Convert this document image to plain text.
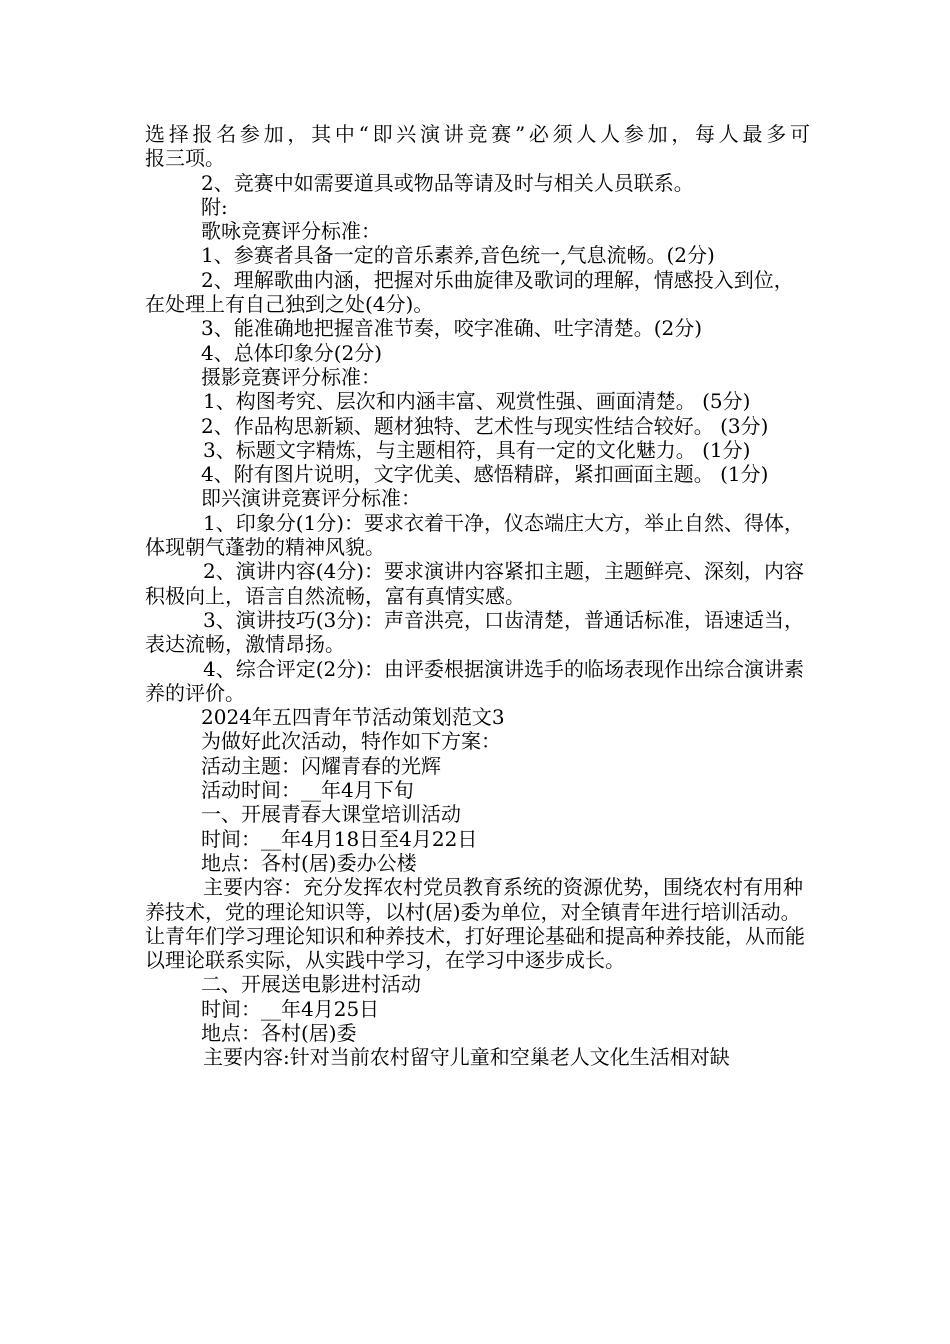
选择报名参加，其中“即兴演讲竞赛”必须人人参加，每人最多可

报三项。

2、竞赛中如需要道具或物品等请及时与相关人员联系。

附:

歌咏竞赛评分标准：

1、参赛者具备一定的音乐素养,音色统一,气息流畅。(2分)

2、理解歌曲内涵，把握对乐曲旋律及歌词的理解，情感投入到位，在处理上有自己独到之处(4分)。

3、能准确地把握音准节奏，咬字准确、吐字清楚。(2分)

4、总体印象分(2分)

摄影竞赛评分标准：

1、构图考究、层次和内涵丰富、观赏性强、画面清楚。 (5分)

2、作品构思新颖、题材独特、艺术性与现实性结合较好。 (3分)

3、标题文字精炼，与主题相符，具有一定的文化魅力。 (1分)

4、附有图片说明，文字优美、感悟精辟，紧扣画面主题。 (1分)

即兴演讲竞赛评分标准：

1、印象分(1分)：要求衣着干净，仪态端庄大方，举止自然、得体，体现朝气蓬勃的精神风貌。

2、演讲内容(4分)：要求演讲内容紧扣主题，主题鲜亮、深刻，内容积极向上，语言自然流畅，富有真情实感。

3、演讲技巧(3分)：声音洪亮，口齿清楚，普通话标准，语速适当，表达流畅，激情昂扬。

4、综合评定(2分)：由评委根据演讲选手的临场表现作出综合演讲素养的评价。

2024年五四青年节活动策划范文3

为做好此次活动，特作如下方案：

活动主题：闪耀青春的光辉

活动时间：__年4月下旬

一、开展青春大课堂培训活动

时间：__年4月18日至4月22日

地点：各村(居)委办公楼

主要内容：充分发挥农村党员教育系统的资源优势，围绕农村有用种养技术，党的理论知识等，以村(居)委为单位，对全镇青年进行培训活动。让青年们学习理论知识和种养技术，打好理论基础和提高种养技能，从而能以理论联系实际，从实践中学习，在学习中逐步成长。

二、开展送电影进村活动

时间：__年4月25日

地点：各村(居)委

主要内容:针对当前农村留守儿童和空巢老人文化生活相对缺
